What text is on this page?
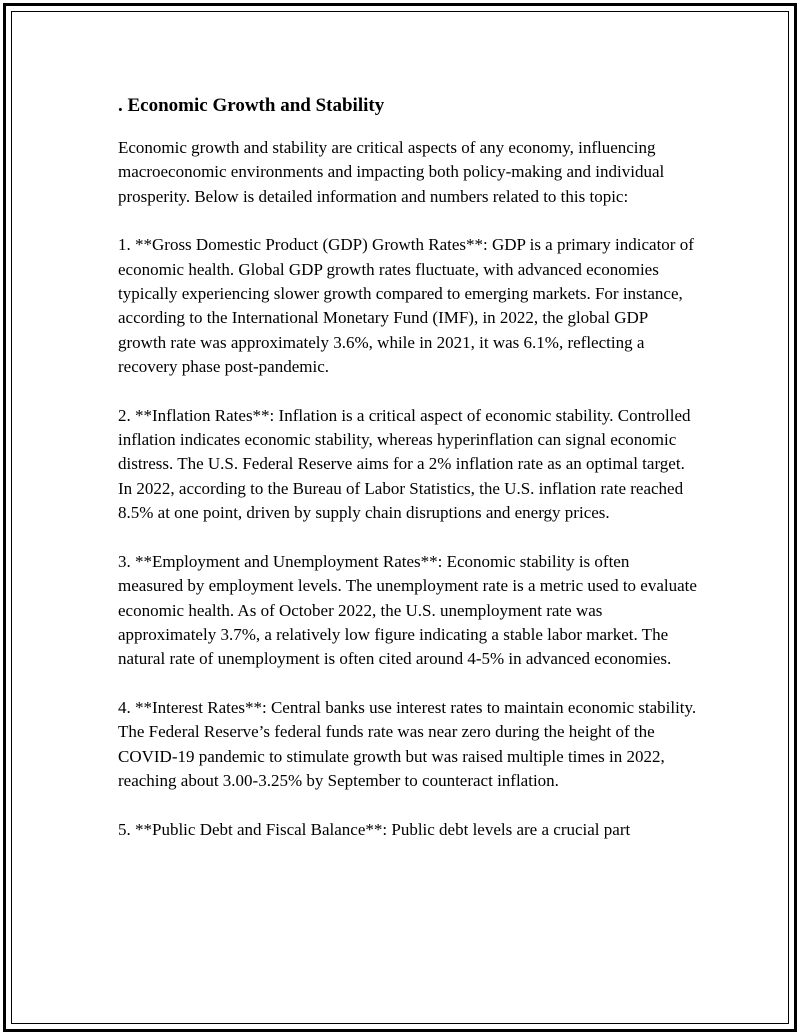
. Economic Growth and Stability

Economic growth and stability are critical aspects of any economy, influencing macroeconomic environments and impacting both policy-making and individual prosperity. Below is detailed information and numbers related to this topic:

1. **Gross Domestic Product (GDP) Growth Rates**: GDP is a primary indicator of economic health. Global GDP growth rates fluctuate, with advanced economies typically experiencing slower growth compared to emerging markets. For instance, according to the International Monetary Fund (IMF), in 2022, the global GDP growth rate was approximately 3.6%, while in 2021, it was 6.1%, reflecting a recovery phase post-pandemic.

2. **Inflation Rates**: Inflation is a critical aspect of economic stability. Controlled inflation indicates economic stability, whereas hyperinflation can signal economic distress. The U.S. Federal Reserve aims for a 2% inflation rate as an optimal target. In 2022, according to the Bureau of Labor Statistics, the U.S. inflation rate reached 8.5% at one point, driven by supply chain disruptions and energy prices.

3. **Employment and Unemployment Rates**: Economic stability is often measured by employment levels. The unemployment rate is a metric used to evaluate economic health. As of October 2022, the U.S. unemployment rate was approximately 3.7%, a relatively low figure indicating a stable labor market. The natural rate of unemployment is often cited around 4-5% in advanced economies.

4. **Interest Rates**: Central banks use interest rates to maintain economic stability. The Federal Reserve’s federal funds rate was near zero during the height of the COVID-19 pandemic to stimulate growth but was raised multiple times in 2022, reaching about 3.00-3.25% by September to counteract inflation.

5. **Public Debt and Fiscal Balance**: Public debt levels are a crucial part
